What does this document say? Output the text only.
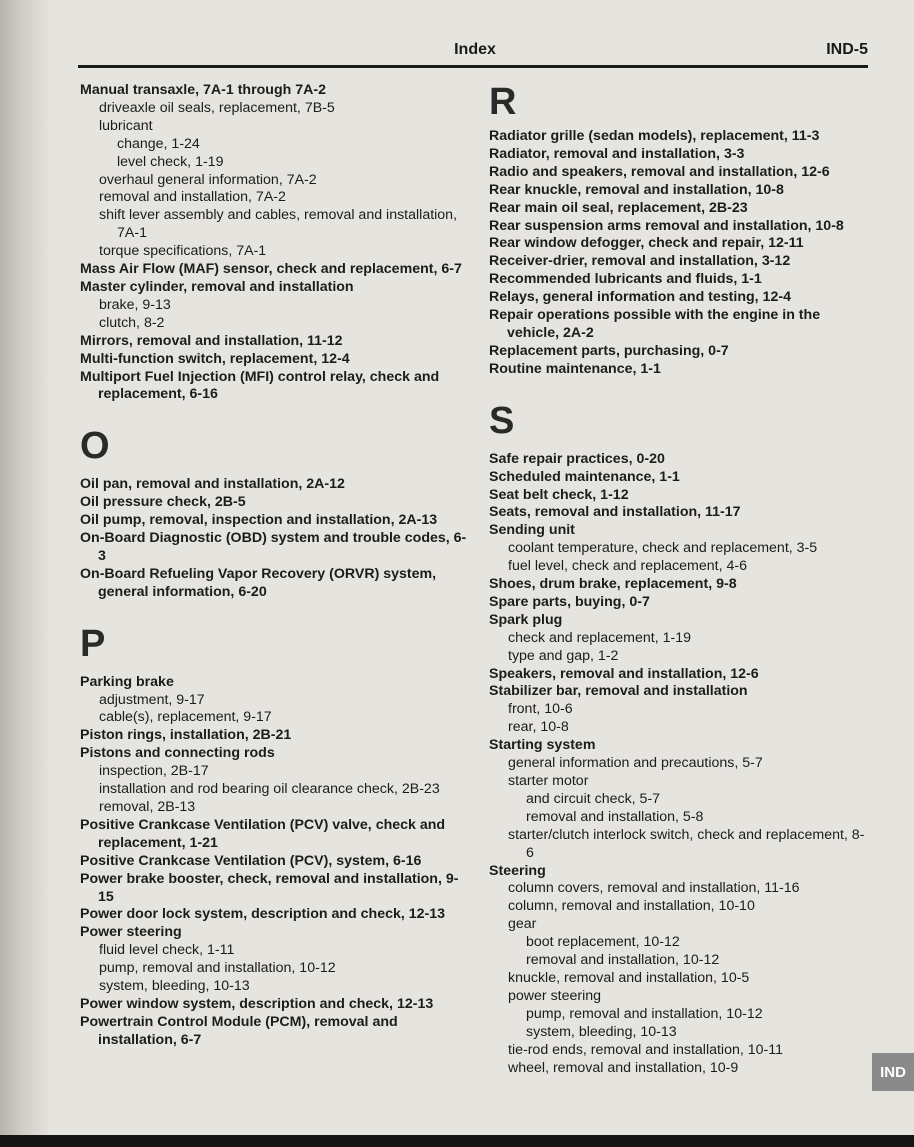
Index	IND-5
Manual transaxle, 7A-1 through 7A-2
driveaxle oil seals, replacement, 7B-5
lubricant
change, 1-24
level check, 1-19
overhaul general information, 7A-2
removal and installation, 7A-2
shift lever assembly and cables, removal and installation, 7A-1
torque specifications, 7A-1
Mass Air Flow (MAF) sensor, check and replacement, 6-7
Master cylinder, removal and installation
brake, 9-13
clutch, 8-2
Mirrors, removal and installation, 11-12
Multi-function switch, replacement, 12-4
Multiport Fuel Injection (MFI) control relay, check and replacement, 6-16
O
Oil pan, removal and installation, 2A-12
Oil pressure check, 2B-5
Oil pump, removal, inspection and installation, 2A-13
On-Board Diagnostic (OBD) system and trouble codes, 6-3
On-Board Refueling Vapor Recovery (ORVR) system, general information, 6-20
P
Parking brake
adjustment, 9-17
cable(s), replacement, 9-17
Piston rings, installation, 2B-21
Pistons and connecting rods
inspection, 2B-17
installation and rod bearing oil clearance check, 2B-23
removal, 2B-13
Positive Crankcase Ventilation (PCV) valve, check and replacement, 1-21
Positive Crankcase Ventilation (PCV), system, 6-16
Power brake booster, check, removal and installation, 9-15
Power door lock system, description and check, 12-13
Power steering
fluid level check, 1-11
pump, removal and installation, 10-12
system, bleeding, 10-13
Power window system, description and check, 12-13
Powertrain Control Module (PCM), removal and installation, 6-7
R
Radiator grille (sedan models), replacement, 11-3
Radiator, removal and installation, 3-3
Radio and speakers, removal and installation, 12-6
Rear knuckle, removal and installation, 10-8
Rear main oil seal, replacement, 2B-23
Rear suspension arms removal and installation, 10-8
Rear window defogger, check and repair, 12-11
Receiver-drier, removal and installation, 3-12
Recommended lubricants and fluids, 1-1
Relays, general information and testing, 12-4
Repair operations possible with the engine in the vehicle, 2A-2
Replacement parts, purchasing, 0-7
Routine maintenance, 1-1
S
Safe repair practices, 0-20
Scheduled maintenance, 1-1
Seat belt check, 1-12
Seats, removal and installation, 11-17
Sending unit
coolant temperature, check and replacement, 3-5
fuel level, check and replacement, 4-6
Shoes, drum brake, replacement, 9-8
Spare parts, buying, 0-7
Spark plug
check and replacement, 1-19
type and gap, 1-2
Speakers, removal and installation, 12-6
Stabilizer bar, removal and installation
front, 10-6
rear, 10-8
Starting system
general information and precautions, 5-7
starter motor
and circuit check, 5-7
removal and installation, 5-8
starter/clutch interlock switch, check and replacement, 8-6
Steering
column covers, removal and installation, 11-16
column, removal and installation, 10-10
gear
boot replacement, 10-12
removal and installation, 10-12
knuckle, removal and installation, 10-5
power steering
pump, removal and installation, 10-12
system, bleeding, 10-13
tie-rod ends, removal and installation, 10-11
wheel, removal and installation, 10-9	IND
